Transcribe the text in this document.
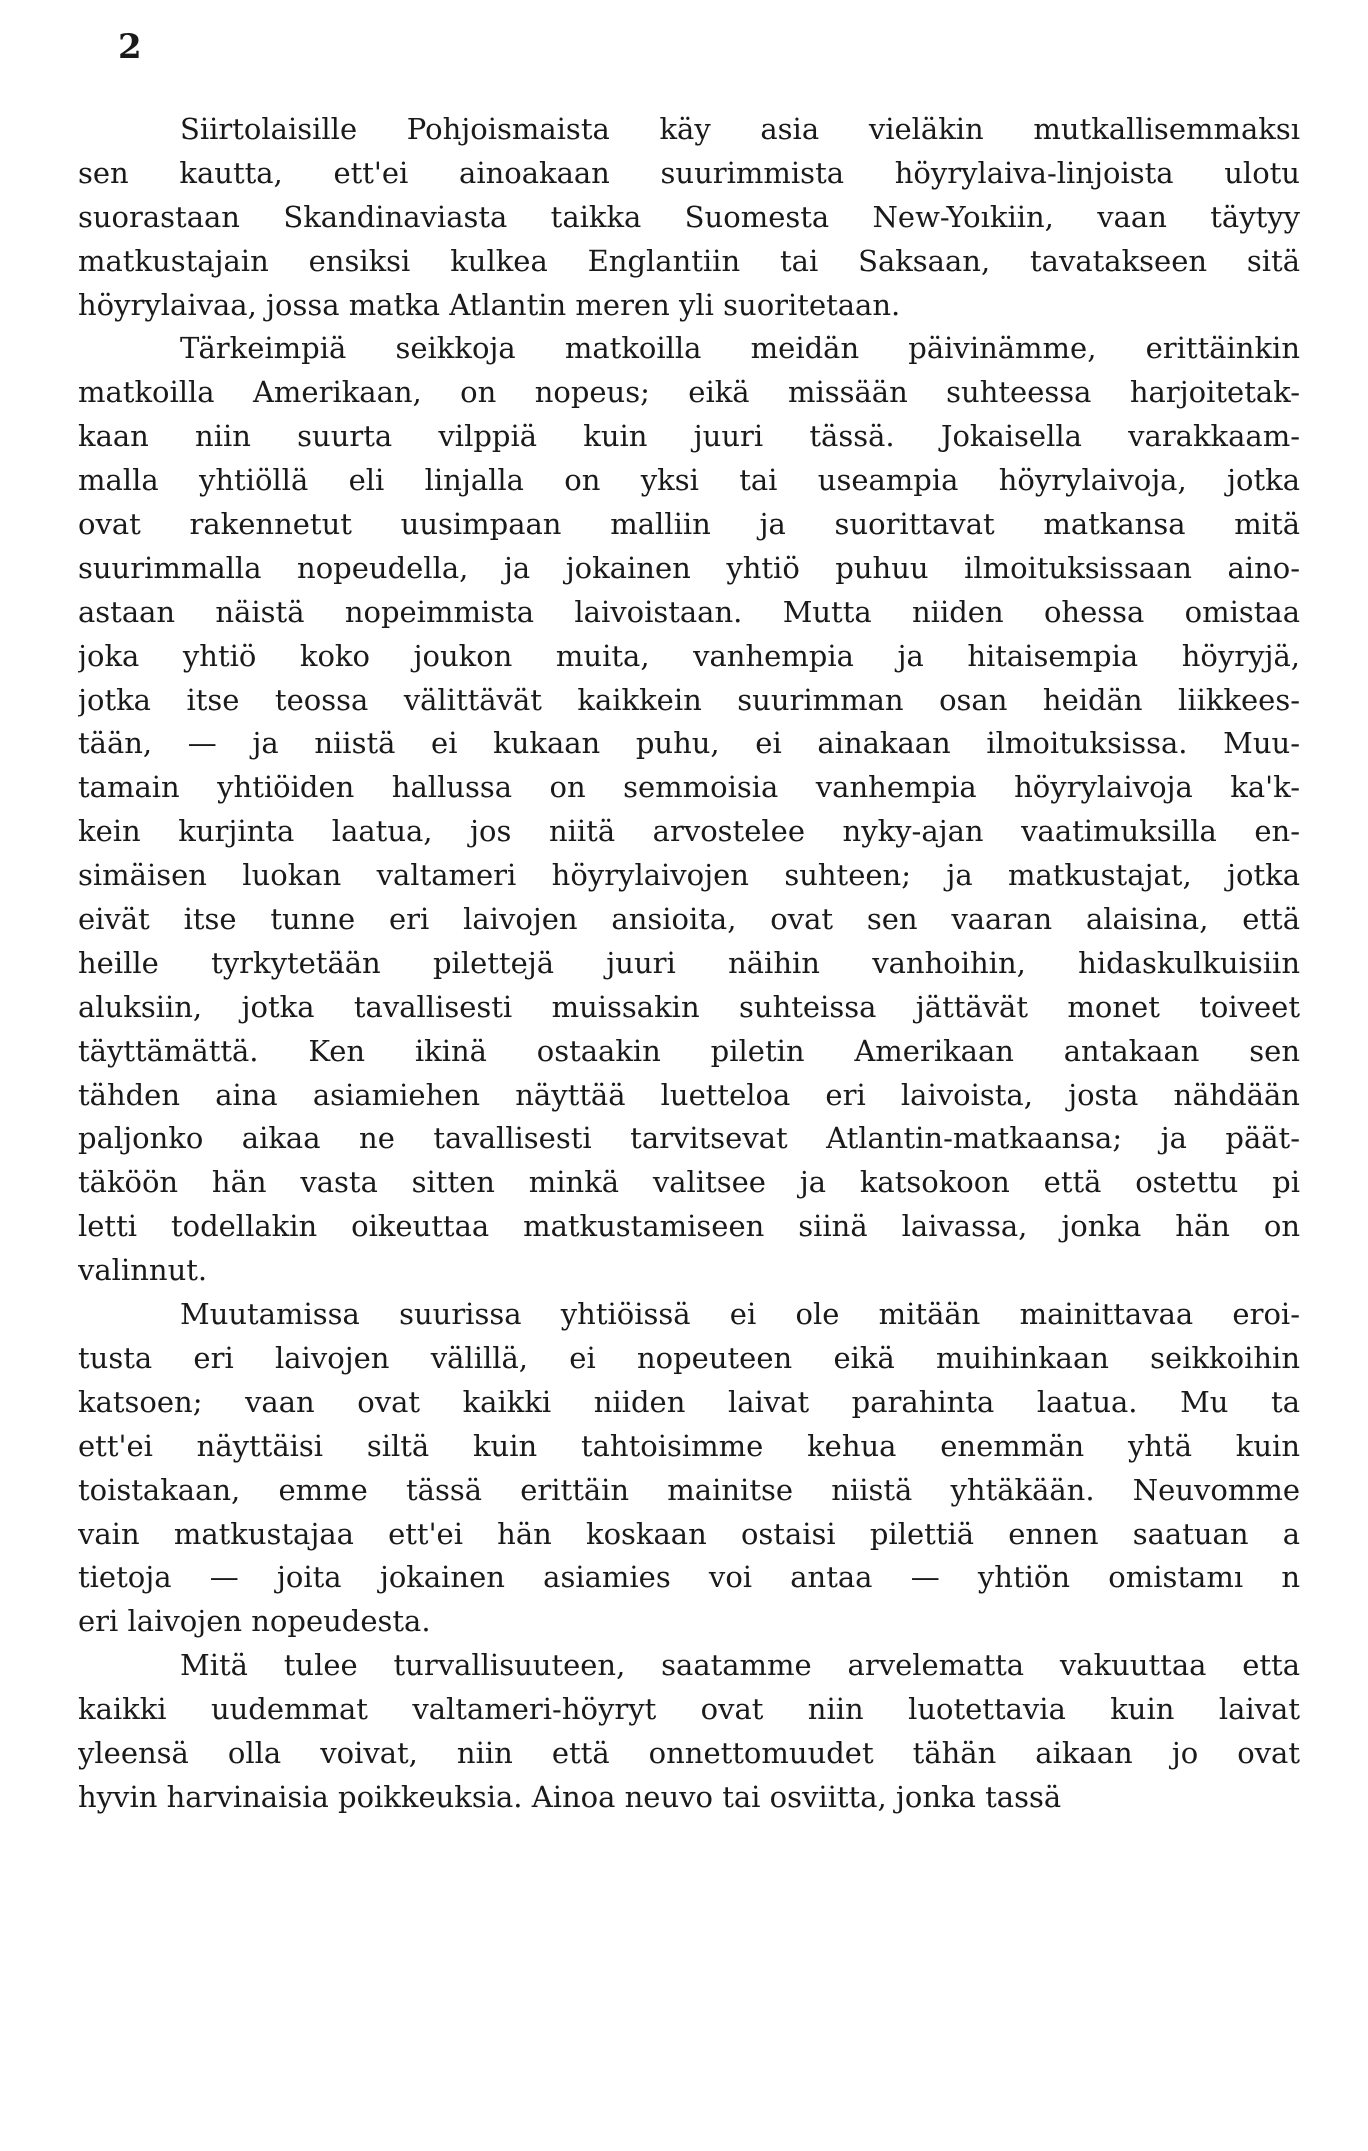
2
Siirtolaisille Pohjoismaista käy asia vieläkin mutkallisemmaksı
sen kautta, ett'ei ainoakaan suurimmista höyrylaiva-linjoista ulotu
suorastaan Skandinaviasta taikka Suomesta New-Yoıkiin, vaan täytyy
matkustajain ensiksi kulkea Englantiin tai Saksaan, tavatakseen sitä
höyrylaivaa, jossa matka Atlantin meren yli suoritetaan.
Tärkeimpiä seikkoja matkoilla meidän päivinämme, erittäinkin
matkoilla Amerikaan, on nopeus; eikä missään suhteessa harjoitetak-
kaan niin suurta vilppiä kuin juuri tässä. Jokaisella varakkaam-
malla yhtiöllä eli linjalla on yksi tai useampia höyrylaivoja, jotka
ovat rakennetut uusimpaan malliin ja suorittavat matkansa mitä
suurimmalla nopeudella, ja jokainen yhtiö puhuu ilmoituksissaan aino-
astaan näistä nopeimmista laivoistaan. Mutta niiden ohessa omistaa
joka yhtiö koko joukon muita, vanhempia ja hitaisempia höyryjä,
jotka itse teossa välittävät kaikkein suurimman osan heidän liikkees-
tään, — ja niistä ei kukaan puhu, ei ainakaan ilmoituksissa. Muu-
tamain yhtiöiden hallussa on semmoisia vanhempia höyrylaivoja ka'k-
kein kurjinta laatua, jos niitä arvostelee nyky-ajan vaatimuksilla en-
simäisen luokan valtameri höyrylaivojen suhteen; ja matkustajat, jotka
eivät itse tunne eri laivojen ansioita, ovat sen vaaran alaisina, että
heille tyrkytetään pilettejä juuri näihin vanhoihin, hidaskulkuisiin
aluksiin, jotka tavallisesti muissakin suhteissa jättävät monet toiveet
täyttämättä. Ken ikinä ostaakin piletin Amerikaan antakaan sen
tähden aina asiamiehen näyttää luetteloa eri laivoista, josta nähdään
paljonko aikaa ne tavallisesti tarvitsevat Atlantin-matkaansa; ja päät-
täköön hän vasta sitten minkä valitsee ja katsokoon että ostettu pi
letti todellakin oikeuttaa matkustamiseen siinä laivassa, jonka hän on
valinnut.
Muutamissa suurissa yhtiöissä ei ole mitään mainittavaa eroi-
tusta eri laivojen välillä, ei nopeuteen eikä muihinkaan seikkoihin
katsoen; vaan ovat kaikki niiden laivat parahinta laatua. Mu ta
ett'ei näyttäisi siltä kuin tahtoisimme kehua enemmän yhtä kuin
toistakaan, emme tässä erittäin mainitse niistä yhtäkään. Neuvomme
vain matkustajaa ett'ei hän koskaan ostaisi pilettiä ennen saatuan a
tietoja — joita jokainen asiamies voi antaa — yhtiön omistamı n
eri laivojen nopeudesta.
Mitä tulee turvallisuuteen, saatamme arvelematta vakuuttaa etta
kaikki uudemmat valtameri-höyryt ovat niin luotettavia kuin laivat
yleensä olla voivat, niin että onnettomuudet tähän aikaan jo ovat
hyvin harvinaisia poikkeuksia. Ainoa neuvo tai osviitta, jonka tassä
